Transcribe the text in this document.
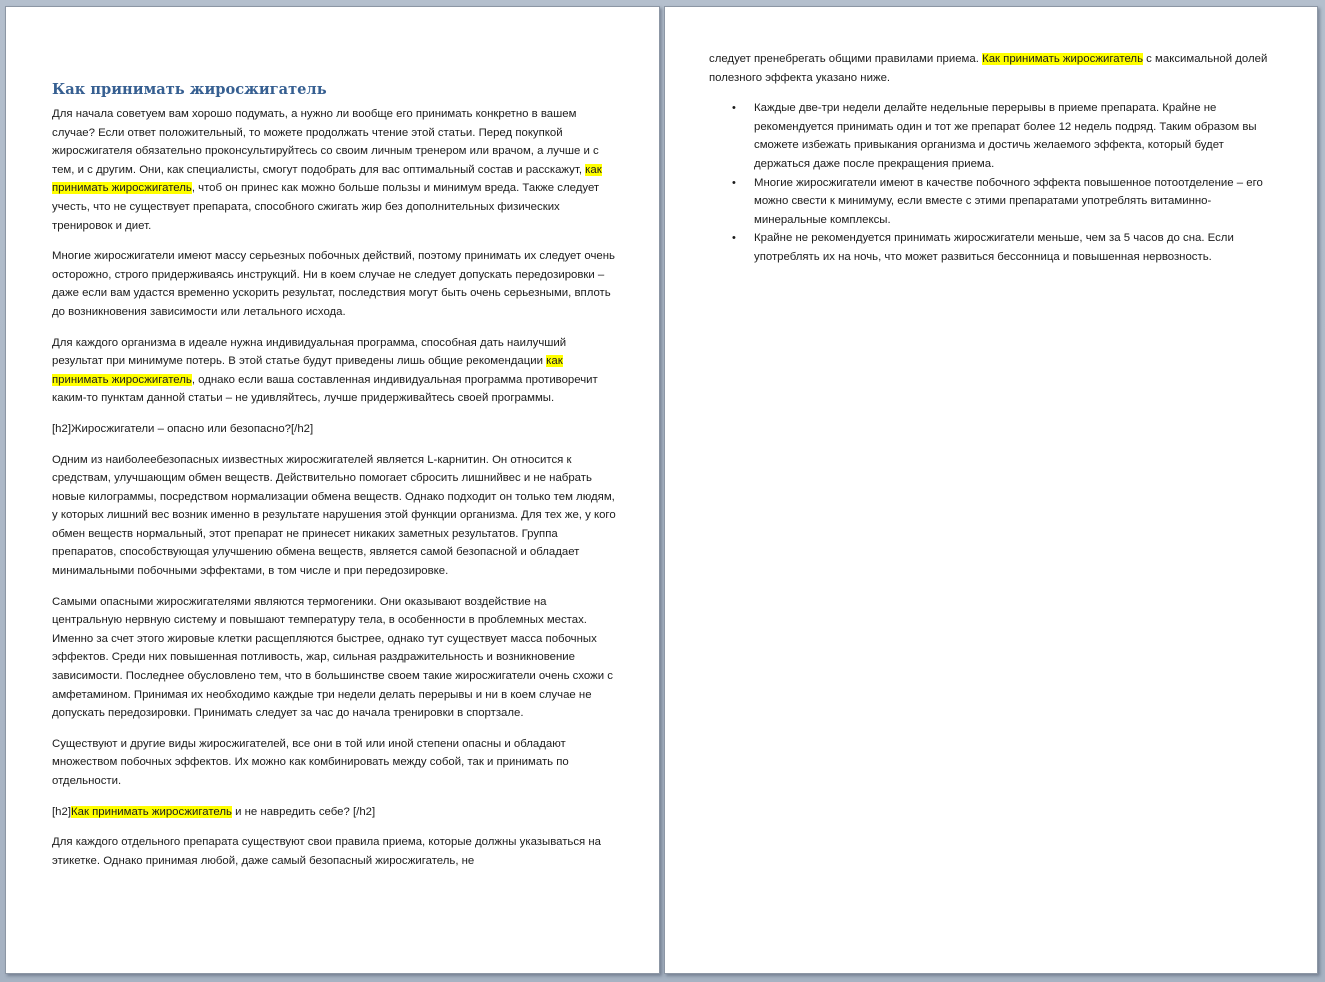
Как принимать жиросжигатель

Для начала советуем вам хорошо подумать, а нужно ли вообще его принимать конкретно в вашем случае? Если ответ положительный, то можете продолжать чтение этой статьи. Перед покупкой жиросжигателя обязательно проконсультируйтесь со своим личным тренером или врачом, а лучше и с тем, и с другим. Они, как специалисты, смогут подобрать для вас оптимальный состав и расскажут, как принимать жиросжигатель, чтоб он принес как можно больше пользы и минимум вреда. Также следует учесть, что не существует препарата, способного сжигать жир без дополнительных физических тренировок и диет.

Многие жиросжигатели имеют массу серьезных побочных действий, поэтому принимать их следует очень осторожно, строго придерживаясь инструкций. Ни в коем случае не следует допускать передозировки – даже если вам удастся временно ускорить результат, последствия могут быть очень серьезными, вплоть до возникновения зависимости или летального исхода.

Для каждого организма в идеале нужна индивидуальная программа, способная дать наилучший результат при минимуме потерь. В этой статье будут приведены лишь общие рекомендации как принимать жиросжигатель, однако если ваша составленная индивидуальная программа противоречит каким-то пунктам данной статьи – не удивляйтесь, лучше придерживайтесь своей программы.

[h2]Жиросжигатели – опасно или безопасно?[/h2]

Одним из наиболеебезопасных иизвестных жиросжигателей является L-карнитин. Он относится к средствам, улучшающим обмен веществ. Действительно помогает сбросить лишнийвес и не набрать новые килограммы, посредством нормализации обмена веществ. Однако подходит он только тем людям, у которых лишний вес возник именно в результате нарушения этой функции организма. Для тех же, у кого обмен веществ нормальный, этот препарат не принесет никаких заметных результатов. Группа препаратов, способствующая улучшению обмена веществ, является самой безопасной и обладает минимальными побочными эффектами, в том числе и при передозировке.

Самыми опасными жиросжигателями являются термогеники. Они оказывают воздействие на центральную нервную систему и повышают температуру тела, в особенности в проблемных местах. Именно за счет этого жировые клетки расщепляются быстрее, однако тут существует масса побочных эффектов. Среди них повышенная потливость, жар, сильная раздражительность и возникновение зависимости. Последнее обусловлено тем, что в большинстве своем такие жиросжигатели очень схожи с амфетамином. Принимая их необходимо каждые три недели делать перерывы и ни в коем случае не допускать передозировки. Принимать следует за час до начала тренировки в спортзале.

Существуют и другие виды жиросжигателей, все они в той или иной степени опасны и обладают множеством побочных эффектов. Их можно как комбинировать между собой, так и принимать по отдельности.

[h2]Как принимать жиросжигатель и не навредить себе? [/h2]

Для каждого отдельного препарата существуют свои правила приема, которые должны указываться на этикетке. Однако принимая любой, даже самый безопасный жиросжигатель, не

следует пренебрегать общими правилами приема. Как принимать жиросжигатель с максимальной долей полезного эффекта указано ниже.

• Каждые две-три недели делайте недельные перерывы в приеме препарата. Крайне не рекомендуется принимать один и тот же препарат более 12 недель подряд. Таким образом вы сможете избежать привыкания организма и достичь желаемого эффекта, который будет держаться даже после прекращения приема.
• Многие жиросжигатели имеют в качестве побочного эффекта повышенное потоотделение – его можно свести к минимуму, если вместе с этими препаратами употреблять витаминно-минеральные комплексы.
• Крайне не рекомендуется принимать жиросжигатели меньше, чем за 5 часов до сна. Если употреблять их на ночь, что может развиться бессонница и повышенная нервозность.
